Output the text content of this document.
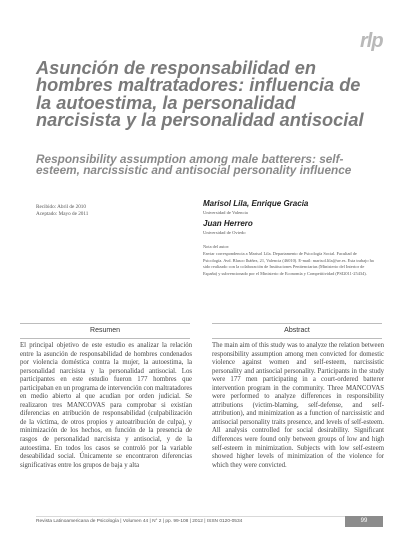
rlp
Asunción de responsabilidad en hombres maltratadores: influencia de la autoestima, la personalidad narcisista y la personalidad antisocial
Responsibility assumption among male batterers: self-esteem, narcissistic and antisocial personality influence
Recibido: Abril de 2010
Aceptado: Mayo de 2011
Marisol Lila, Enrique Gracia
Universidad de Valencia
Juan Herrero
Universidad de Oviedo
Nota del autor:
Enviar correspondencia a Marisol Lila. Departamento de Psicología Social. Facultad de Psicología. Avd. Blasco Ibáñez, 21, Valencia (46010). E-mail: marisol.lila@uv.es. Esta trabajo ha sido realizado con la colaboración de Instituciones Penitenciarias (Ministerio del Interior de España) y subvencionado por el Ministerio de Economía y Competitividad (PSI2011-25434).
Resumen	Abstract
El principal objetivo de este estudio es analizar la relación entre la asunción de responsabilidad de hombres condenados por violencia doméstica contra la mujer, la autoestima, la personalidad narcisista y la personalidad antisocial. Los participantes en este estudio fueron 177 hombres que participaban en un programa de intervención con maltratadores en medio abierto al que acudían por orden judicial. Se realizaron tres MANCOVAS para comprobar si existían diferencias en atribución de responsabilidad (culpabilización de la víctima, de otros propios y autoatribución de culpa), y minimización de los hechos, en función de la presencia de rasgos de personalidad narcisista y antisocial, y de la autoestima. En todos los casos se controló por la variable deseabilidad social. Únicamente se encontraron diferencias significativas entre los grupos de baja y alta
The main aim of this study was to analyze the relation between responsibility assumption among men convicted for domestic violence against women and self-esteem, narcissistic personality and antisocial personality. Participants in the study were 177 men participating in a court-ordered batterer intervention program in the community. Three MANCOVAS were performed to analyze differences in responsibility attributions (victim-blaming, self-defense, and self-attribution), and minimization as a function of narcissistic and antisocial personality traits presence, and levels of self-esteem. All analysis controlled for social desirability. Significant differences were found only between groups of low and high self-esteem in minimization. Subjects with low self-esteem showed higher levels of minimization of the violence for which they were convicted.
Revista Latinoamericana de Psicología | Volumen 44 | N° 2 | pp. 99-108 | 2012 | ISSN 0120-0534	99
